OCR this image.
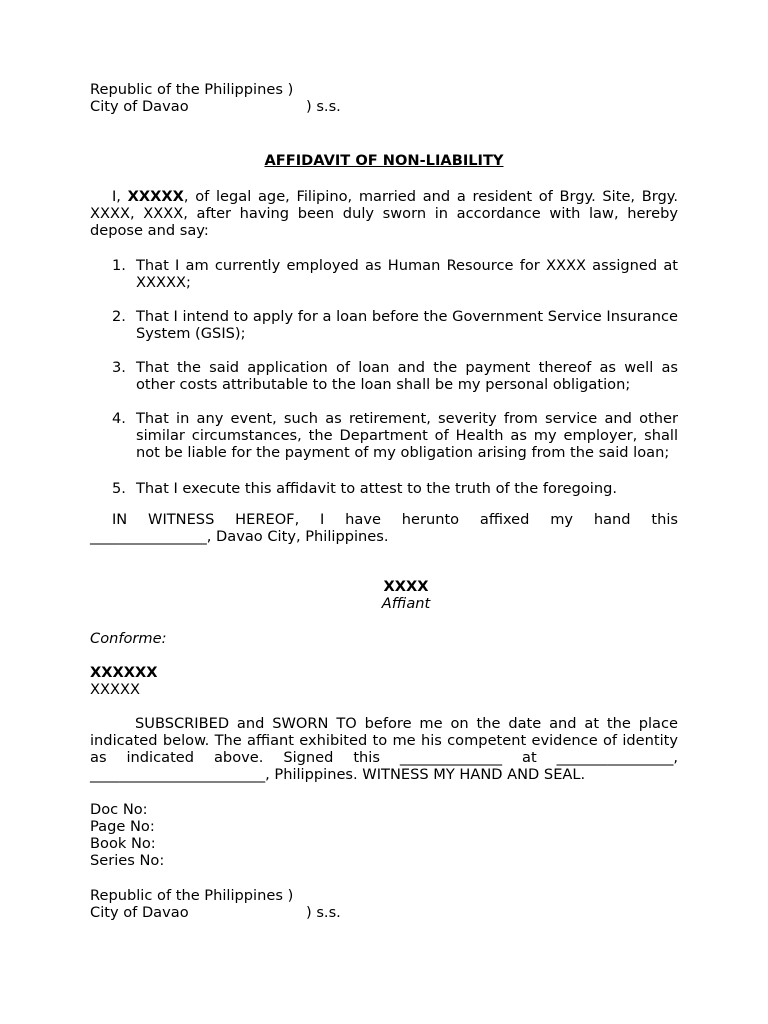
Republic of the Philippines )
City of Davao	) s.s.
AFFIDAVIT OF NON-LIABILITY
I, XXXXX, of legal age, Filipino, married and a resident of Brgy. Site, Brgy. XXXX, XXXX, after having been duly sworn in accordance with law, hereby depose and say:
1. That I am currently employed as Human Resource for XXXX assigned at XXXXX;
2. That I intend to apply for a loan before the Government Service Insurance System (GSIS);
3. That the said application of loan and the payment thereof as well as other costs attributable to the loan shall be my personal obligation;
4. That in any event, such as retirement, severity from service and other similar circumstances, the Department of Health as my employer, shall not be liable for the payment of my obligation arising from the said loan;
5. That I execute this affidavit to attest to the truth of the foregoing.
IN WITNESS HEREOF, I have herunto affixed my hand this
________________, Davao City, Philippines.
XXXX
Affiant
Conforme:
XXXXXX
XXXXX
SUBSCRIBED and SWORN TO before me on the date and at the place
indicated below. The affiant exhibited to me his competent evidence of identity
as indicated above. Signed this ______________ at ________________,
________________________, Philippines. WITNESS MY HAND AND SEAL.
Doc No:
Page No:
Book No:
Series No:
Republic of the Philippines )
City of Davao	) s.s.
